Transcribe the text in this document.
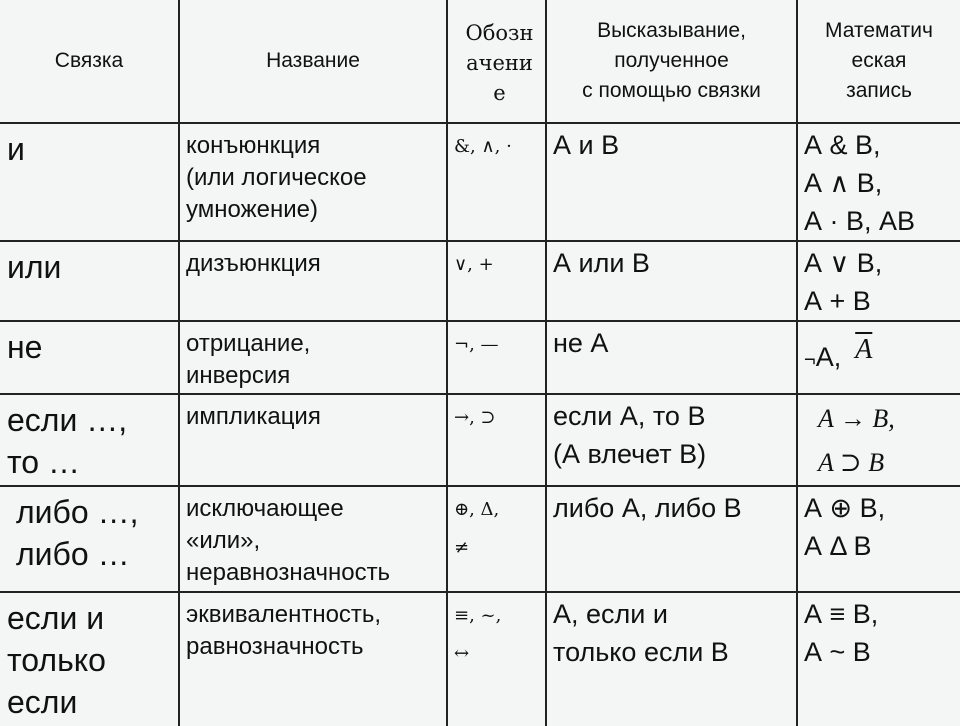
Связка	Название	Обозн
ачени
е	Высказывание,
полученное
с помощью связки	Математич
еская
запись
и	конъюнкция
(или логическое
умножение)	&, ∧, ·	А и В	А & В,
А ∧ В,
А · В, АВ
или	дизъюнкция	∨, +	А или В	А ∨ В,
А + В
не	отрицание,
инверсия	¬, —	не А	¬А, $\overline{A}$
если …,
то …	импликация	→, ⊃	если А, то В
(А влечет В)	A → B,
A ⊃ B
либо …,
либо …	исключающее
«или»,
неравнозначность	⊕, Δ,
≠	либо А, либо В	А ⊕ В,
А Δ В
если и
только
если	эквивалентность,
равнозначность	≡, ~,
↔	А, если и
только если В	А ≡ В,
А ~ В
